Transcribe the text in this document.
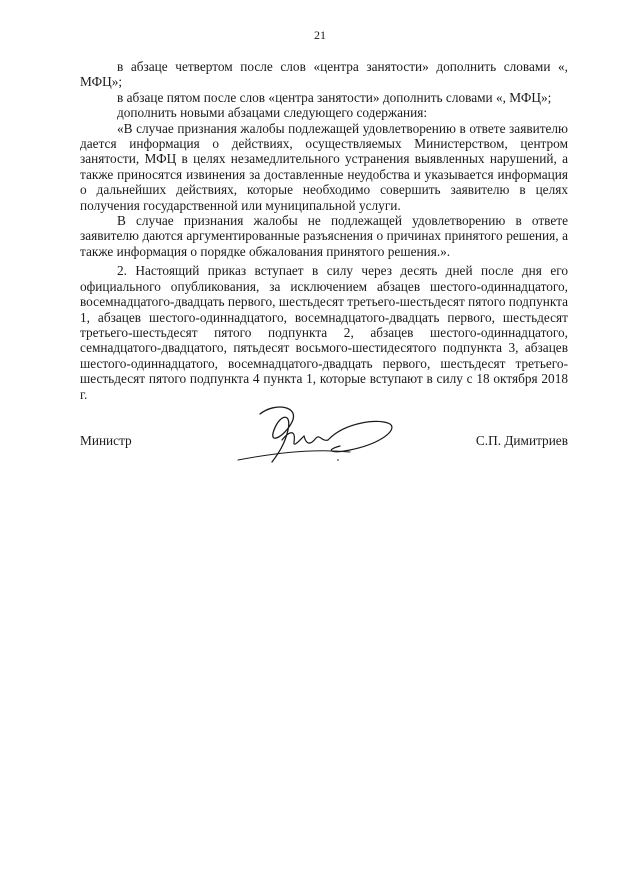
21

в абзаце четвертом после слов «центра занятости» дополнить словами «, МФЦ»;

в абзаце пятом после слов «центра занятости» дополнить словами «, МФЦ»;

дополнить новыми абзацами следующего содержания:

«В случае признания жалобы подлежащей удовлетворению в ответе заявителю дается информация о действиях, осуществляемых Министерством, центром занятости, МФЦ в целях незамедлительного устранения выявленных нарушений, а также приносятся извинения за доставленные неудобства и указывается информация о дальнейших действиях, которые необходимо совершить заявителю в целях получения государственной или муниципальной услуги.

В случае признания жалобы не подлежащей удовлетворению в ответе заявителю даются аргументированные разъяснения о причинах принятого решения, а также информация о порядке обжалования принятого решения.».

2. Настоящий приказ вступает в силу через десять дней после дня его официального опубликования, за исключением абзацев шестого-одиннадцатого, восемнадцатого-двадцать первого, шестьдесят третьего-шестьдесят пятого подпункта 1, абзацев шестого-одиннадцатого, восемнадцатого-двадцать первого, шестьдесят третьего-шестьдесят пятого подпункта 2, абзацев шестого-одиннадцатого, семнадцатого-двадцатого, пятьдесят восьмого-шестидесятого подпункта 3, абзацев шестого-одиннадцатого, восемнадцатого-двадцать первого, шестьдесят третьего-шестьдесят пятого подпункта 4 пункта 1, которые вступают в силу с 18 октября 2018 г.

Министр	С.П. Димитриев
